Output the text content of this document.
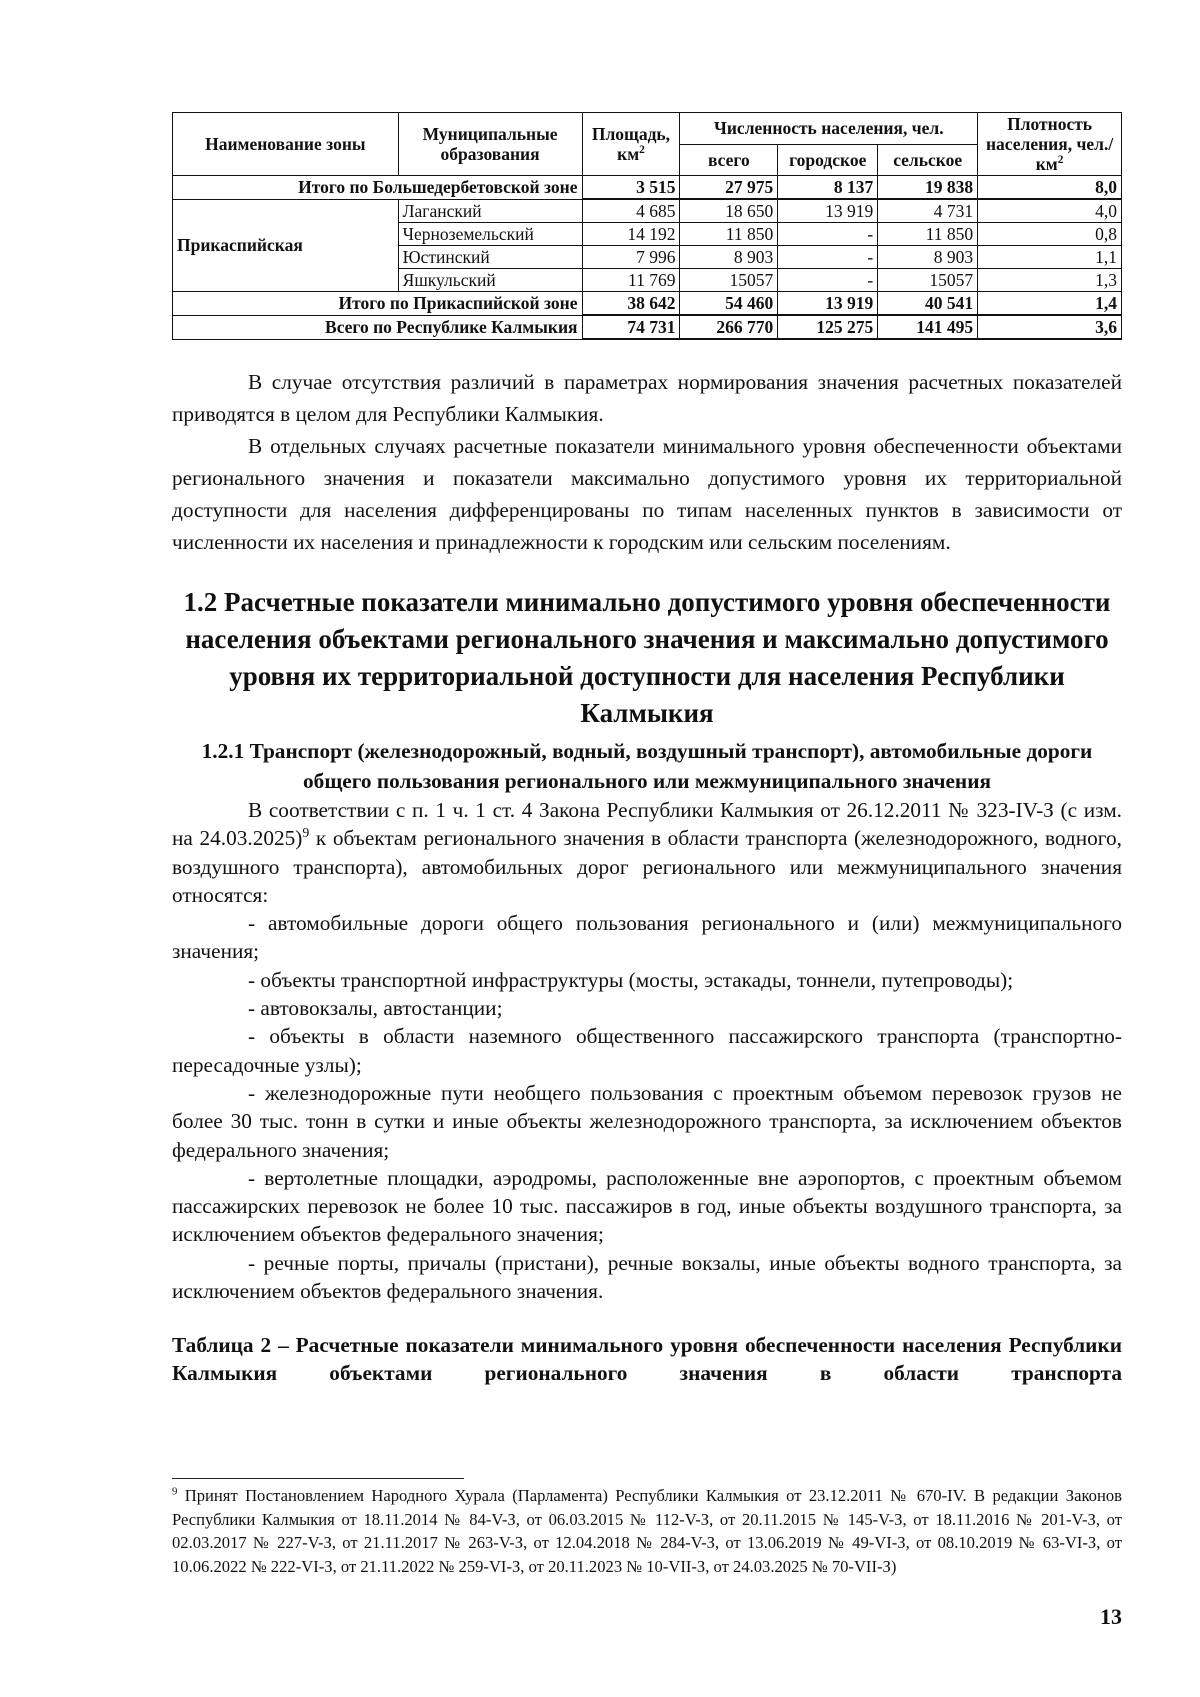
Наименование зоны	Муниципальные образования	Площадь, $км^2$	Численность населения, чел.			Плотность населения, чел./ $км^2$
			всего	городское	сельское	
Итого по Большедербетовской зоне		3 515	27 975	8 137	19 838	8,0
Прикаспийская	Лаганский	4 685	18 650	13 919	4 731	4,0
	Черноземельский	14 192	11 850	-	11 850	0,8
	Юстинский	7 996	8 903	-	8 903	1,1
	Яшкульский	11 769	15057	-	15057	1,3
Итого по Прикаспийской зоне		38 642	54 460	13 919	40 541	1,4
Всего по Республике Калмыкия		74 731	266 770	125 275	141 495	3,6

В случае отсутствия различий в параметрах нормирования значения расчетных показателей приводятся в целом для Республики Калмыкия.

В отдельных случаях расчетные показатели минимального уровня обеспеченности объектами регионального значения и показатели максимально допустимого уровня их территориальной доступности для населения дифференцированы по типам населенных пунктов в зависимости от численности их населения и принадлежности к городским или сельским поселениям.

1.2 Расчетные показатели минимально допустимого уровня обеспеченности населения объектами регионального значения и максимально допустимого уровня их территориальной доступности для населения Республики Калмыкия
1.2.1 Транспорт (железнодорожный, водный, воздушный транспорт), автомобильные дороги общего пользования регионального или межмуниципального значения

В соответствии с п. 1 ч. 1 ст. 4 Закона Республики Калмыкия от 26.12.2011 № 323-IV-З (с изм. на 24.03.2025)$^9$ к объектам регионального значения в области транспорта (железнодорожного, водного, воздушного транспорта), автомобильных дорог регионального или межмуниципального значения относятся:

- автомобильные дороги общего пользования регионального и (или) межмуниципального значения;

- объекты транспортной инфраструктуры (мосты, эстакады, тоннели, путепроводы);

- автовокзалы, автостанции;

- объекты в области наземного общественного пассажирского транспорта (транспортно-пересадочные узлы);

- железнодорожные пути необщего пользования с проектным объемом перевозок грузов не более 30 тыс. тонн в сутки и иные объекты железнодорожного транспорта, за исключением объектов федерального значения;

- вертолетные площадки, аэродромы, расположенные вне аэропортов, с проектным объемом пассажирских перевозок не более 10 тыс. пассажиров в год, иные объекты воздушного транспорта, за исключением объектов федерального значения;

- речные порты, причалы (пристани), речные вокзалы, иные объекты водного транспорта, за исключением объектов федерального значения.

Таблица 2 – Расчетные показатели минимального уровня обеспеченности населения Республики Калмыкия объектами регионального значения в области транспорта

$^9$ Принят Постановлением Народного Хурала (Парламента) Республики Калмыкия от 23.12.2011 № 670-IV. В редакции Законов Республики Калмыкия от 18.11.2014 № 84-V-З, от 06.03.2015 № 112-V-З, от 20.11.2015 № 145-V-З, от 18.11.2016 № 201-V-З, от 02.03.2017 № 227-V-З, от 21.11.2017 № 263-V-З, от 12.04.2018 № 284-V-З, от 13.06.2019 № 49-VI-З, от 08.10.2019 № 63-VI-З, от 10.06.2022 № 222-VI-З, от 21.11.2022 № 259-VI-З, от 20.11.2023 № 10-VII-З, от 24.03.2025 № 70-VII-З)

13
